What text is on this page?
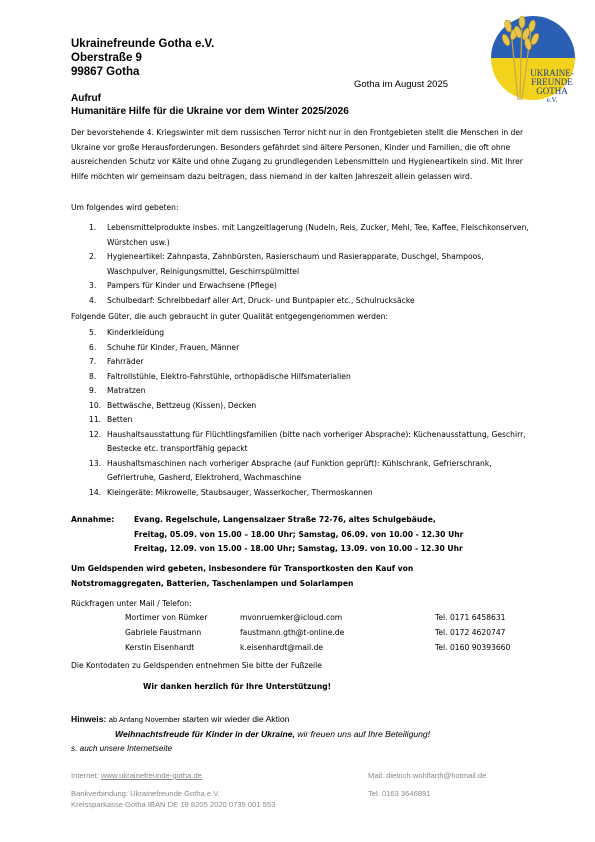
Ukrainefreunde Gotha e.V.
Oberstraße 9
99867 Gotha
Gotha im August 2025
UKRAINE-
FREUNDE
GOTHA
e.V.
Aufruf
Humanitäre Hilfe für die Ukraine vor dem Winter 2025/2026
Der bevorstehende 4. Kriegswinter mit dem russischen Terror nicht nur in den Frontgebieten stellt die Menschen in der Ukraine vor große Herausforderungen. Besonders gefährdet sind ältere Personen, Kinder und Familien, die oft ohne ausreichenden Schutz vor Kälte und ohne Zugang zu grundlegenden Lebensmitteln und Hygieneartikeln sind. Mit Ihrer Hilfe möchten wir gemeinsam dazu beitragen, dass niemand in der kalten Jahreszeit allein gelassen wird.
Um folgendes wird gebeten:
1. Lebensmittelprodukte insbes. mit Langzeitlagerung (Nudeln, Reis, Zucker, Mehl, Tee, Kaffee, Fleischkonserven, Würstchen usw.)
2. Hygieneartikel: Zahnpasta, Zahnbürsten, Rasierschaum und Rasierapparate, Duschgel, Shampoos, Waschpulver, Reinigungsmittel, Geschirrspülmittel
3. Pampers für Kinder und Erwachsene (Pflege)
4. Schulbedarf: Schreibbedarf aller Art, Druck- und Buntpapier etc., Schulrucksäcke
Folgende Güter, die auch gebraucht in guter Qualität entgegengenommen werden:
5. Kinderkleidung
6. Schuhe für Kinder, Frauen, Männer
7. Fahrräder
8. Faltrollstühle, Elektro-Fahrstühle, orthopädische Hilfsmaterialien
9. Matratzen
10. Bettwäsche, Bettzeug (Kissen), Decken
11. Betten
12. Haushaltsausstattung für Flüchtlingsfamilien (bitte nach vorheriger Absprache): Küchenausstattung, Geschirr, Bestecke etc. transportfähig gepackt
13. Haushaltsmaschinen nach vorheriger Absprache (auf Funktion geprüft): Kühlschrank, Gefrierschrank, Gefriertruhe, Gasherd, Elektroherd, Wachmaschine
14. Kleingeräte: Mikrowelle, Staubsauger, Wasserkocher, Thermoskannen
Annahme:	Evang. Regelschule, Langensalzaer Straße 72-76, altes Schulgebäude,
Freitag, 05.09. von 15.00 – 18.00 Uhr; Samstag, 06.09. von 10.00 - 12.30 Uhr
Freitag, 12.09. von 15.00 - 18.00 Uhr; Samstag, 13.09. von 10.00 - 12.30 Uhr
Um Geldspenden wird gebeten, insbesondere für Transportkosten den Kauf von
Notstromaggregaten, Batterien, Taschenlampen und Solarlampen
Rückfragen unter Mail / Telefon:
Mortimer von Rümker	mvonruemker@icloud.com	Tel. 0171 6458631
Gabriele Faustmann	faustmann.gth@t-online.de	Tel. 0172 4620747
Kerstin Eisenhardt	k.eisenhardt@mail.de	Tel. 0160 90393660
Die Kontodaten zu Geldspenden entnehmen Sie bitte der Fußzeile
Wir danken herzlich für Ihre Unterstützung!
Hinweis: ab Anfang November starten wir wieder die Aktion
Weihnachtsfreude für Kinder in der Ukraine, wir freuen uns auf Ihre Beteiligung!
s. auch unsere Internetseite
Internet: www.ukrainefreunde-gotha.de	Mail: dietrich.wohlfarth@hotmail.de
Bankverbindung: Ukrainefreunde Gotha e.V.	Tel. 0163 3646891
Kreissparkasse Gotha IBAN DE 19 8205 2020 0735 001 553
